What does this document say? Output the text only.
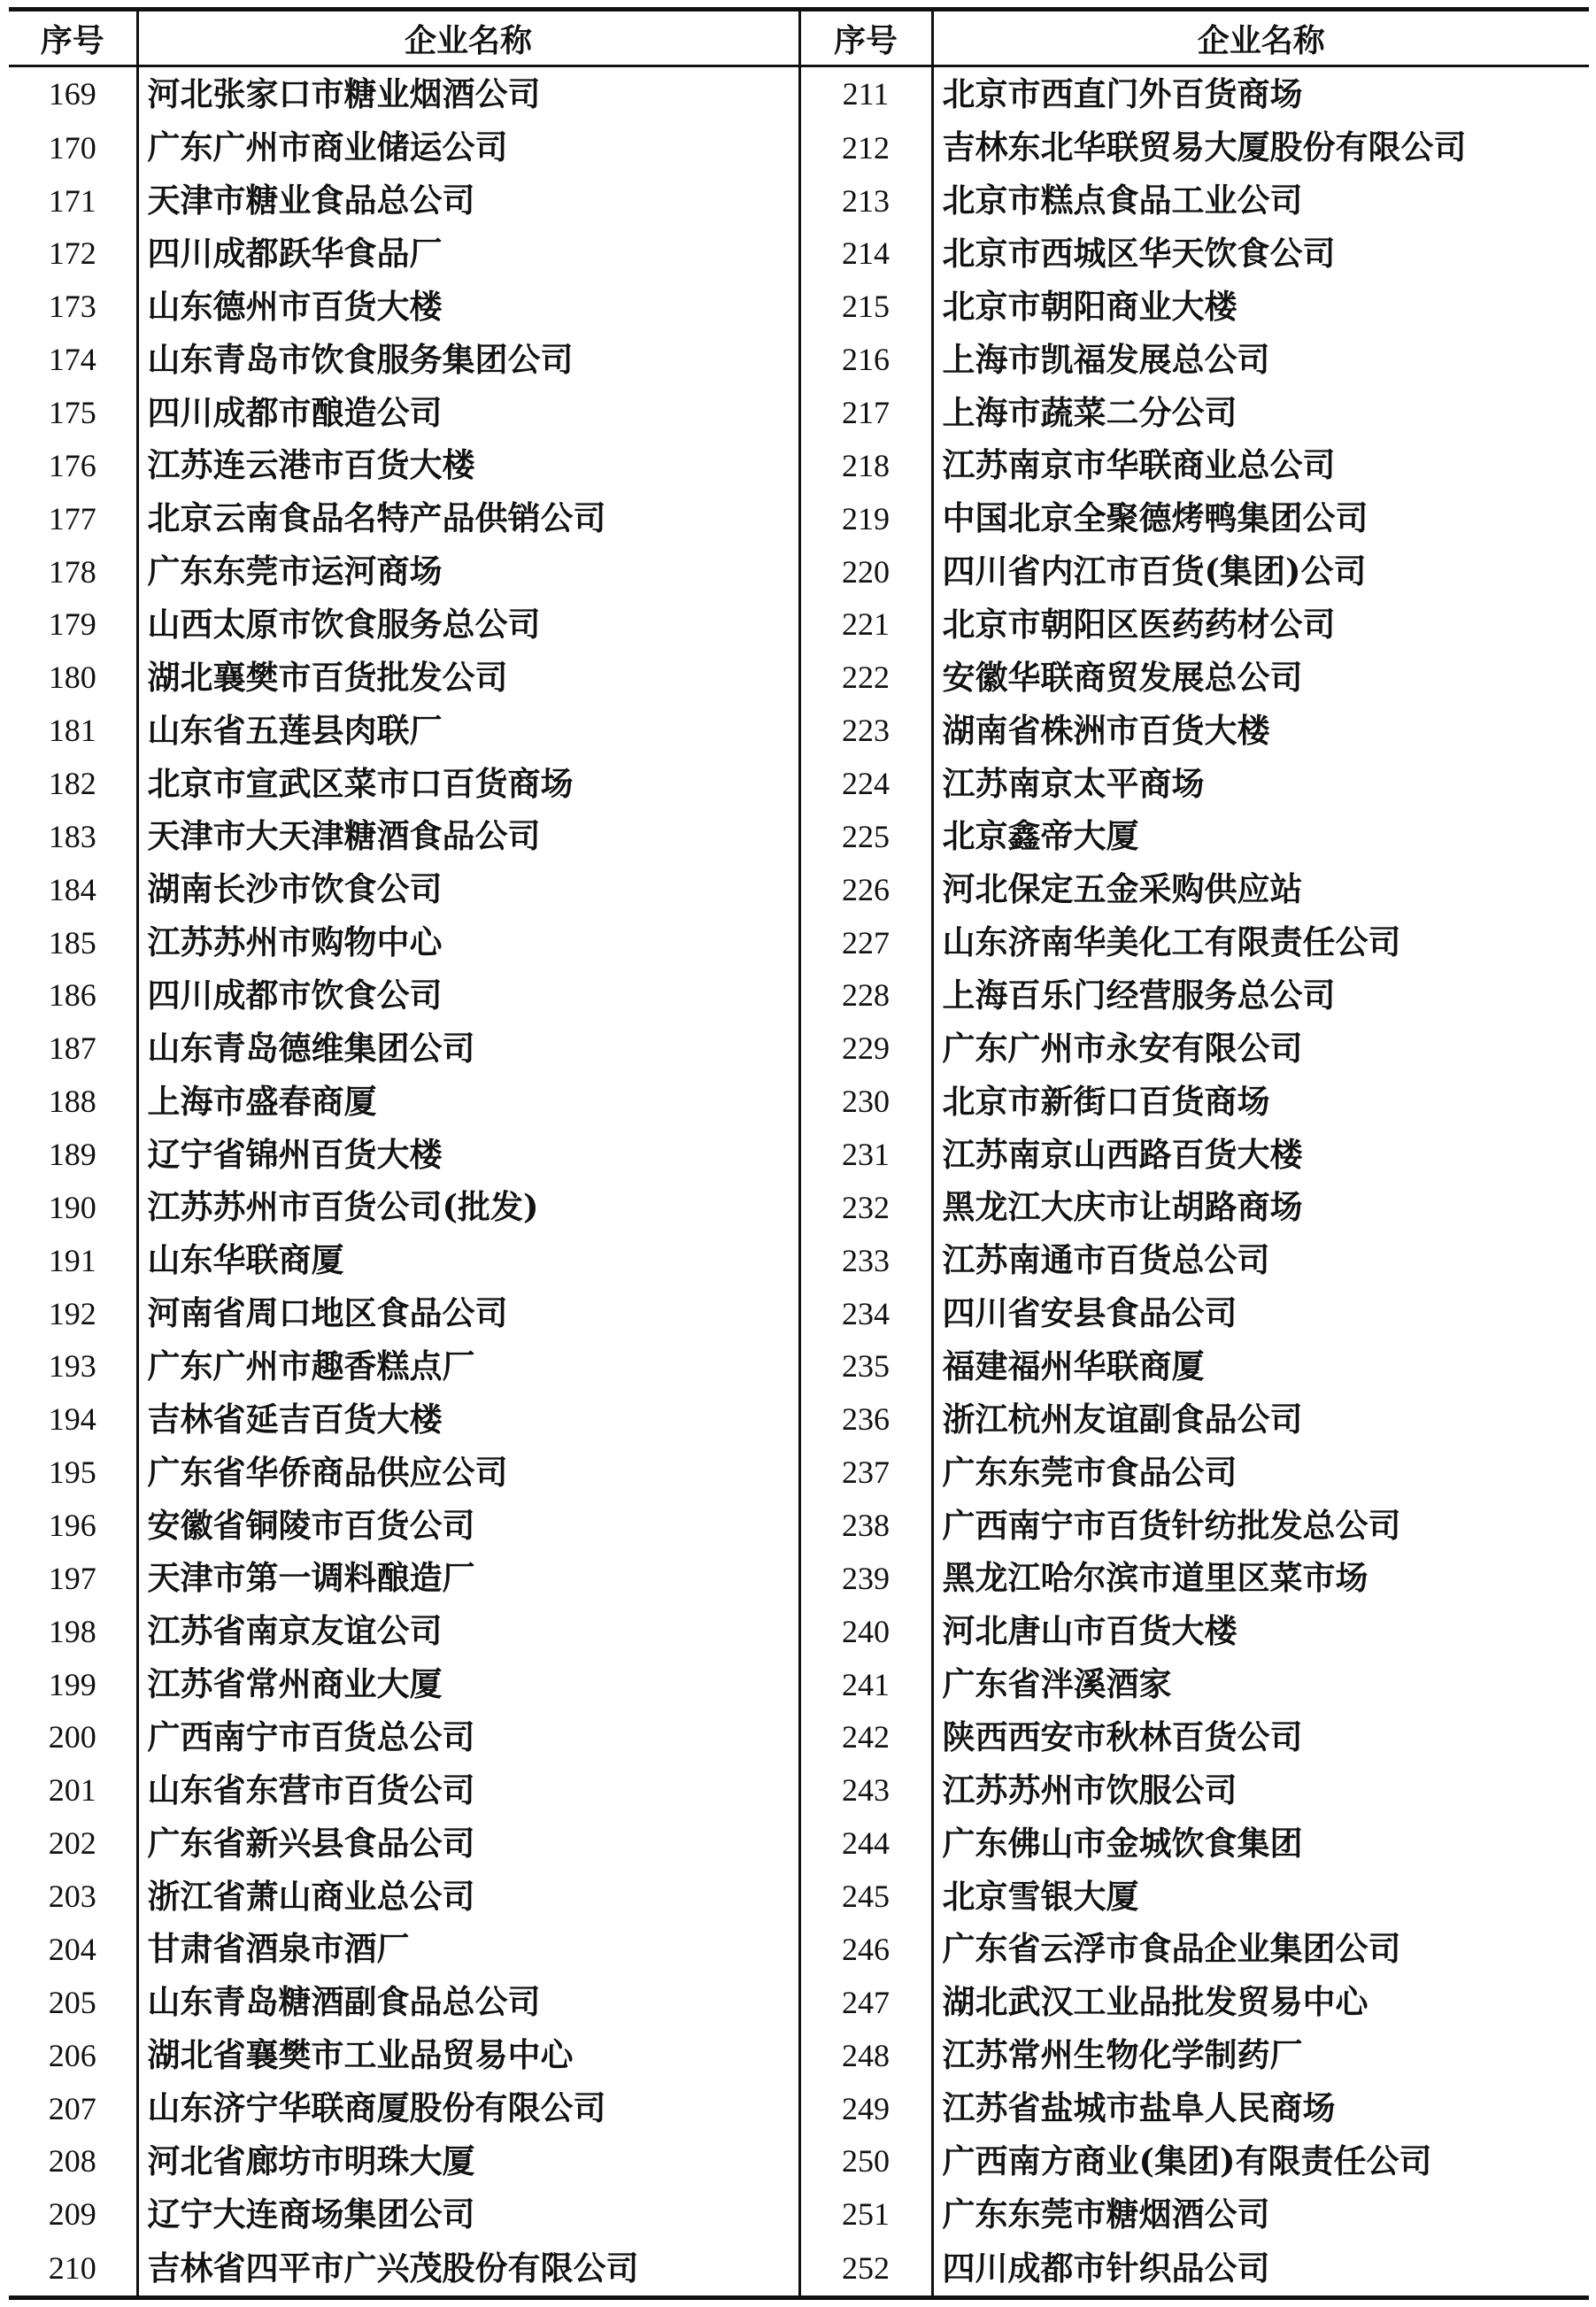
序号	企业名称	序号	企业名称
169	河北张家口市糖业烟酒公司	211	北京市西直门外百货商场
170	广东广州市商业储运公司	212	吉林东北华联贸易大厦股份有限公司
171	天津市糖业食品总公司	213	北京市糕点食品工业公司
172	四川成都跃华食品厂	214	北京市西城区华天饮食公司
173	山东德州市百货大楼	215	北京市朝阳商业大楼
174	山东青岛市饮食服务集团公司	216	上海市凯福发展总公司
175	四川成都市酿造公司	217	上海市蔬菜二分公司
176	江苏连云港市百货大楼	218	江苏南京市华联商业总公司
177	北京云南食品名特产品供销公司	219	中国北京全聚德烤鸭集团公司
178	广东东莞市运河商场	220	四川省内江市百货(集团)公司
179	山西太原市饮食服务总公司	221	北京市朝阳区医药药材公司
180	湖北襄樊市百货批发公司	222	安徽华联商贸发展总公司
181	山东省五莲县肉联厂	223	湖南省株洲市百货大楼
182	北京市宣武区菜市口百货商场	224	江苏南京太平商场
183	天津市大天津糖酒食品公司	225	北京鑫帝大厦
184	湖南长沙市饮食公司	226	河北保定五金采购供应站
185	江苏苏州市购物中心	227	山东济南华美化工有限责任公司
186	四川成都市饮食公司	228	上海百乐门经营服务总公司
187	山东青岛德维集团公司	229	广东广州市永安有限公司
188	上海市盛春商厦	230	北京市新街口百货商场
189	辽宁省锦州百货大楼	231	江苏南京山西路百货大楼
190	江苏苏州市百货公司(批发)	232	黑龙江大庆市让胡路商场
191	山东华联商厦	233	江苏南通市百货总公司
192	河南省周口地区食品公司	234	四川省安县食品公司
193	广东广州市趣香糕点厂	235	福建福州华联商厦
194	吉林省延吉百货大楼	236	浙江杭州友谊副食品公司
195	广东省华侨商品供应公司	237	广东东莞市食品公司
196	安徽省铜陵市百货公司	238	广西南宁市百货针纺批发总公司
197	天津市第一调料酿造厂	239	黑龙江哈尔滨市道里区菜市场
198	江苏省南京友谊公司	240	河北唐山市百货大楼
199	江苏省常州商业大厦	241	广东省泮溪酒家
200	广西南宁市百货总公司	242	陕西西安市秋林百货公司
201	山东省东营市百货公司	243	江苏苏州市饮服公司
202	广东省新兴县食品公司	244	广东佛山市金城饮食集团
203	浙江省萧山商业总公司	245	北京雪银大厦
204	甘肃省酒泉市酒厂	246	广东省云浮市食品企业集团公司
205	山东青岛糖酒副食品总公司	247	湖北武汉工业品批发贸易中心
206	湖北省襄樊市工业品贸易中心	248	江苏常州生物化学制药厂
207	山东济宁华联商厦股份有限公司	249	江苏省盐城市盐阜人民商场
208	河北省廊坊市明珠大厦	250	广西南方商业(集团)有限责任公司
209	辽宁大连商场集团公司	251	广东东莞市糖烟酒公司
210	吉林省四平市广兴茂股份有限公司	252	四川成都市针织品公司
